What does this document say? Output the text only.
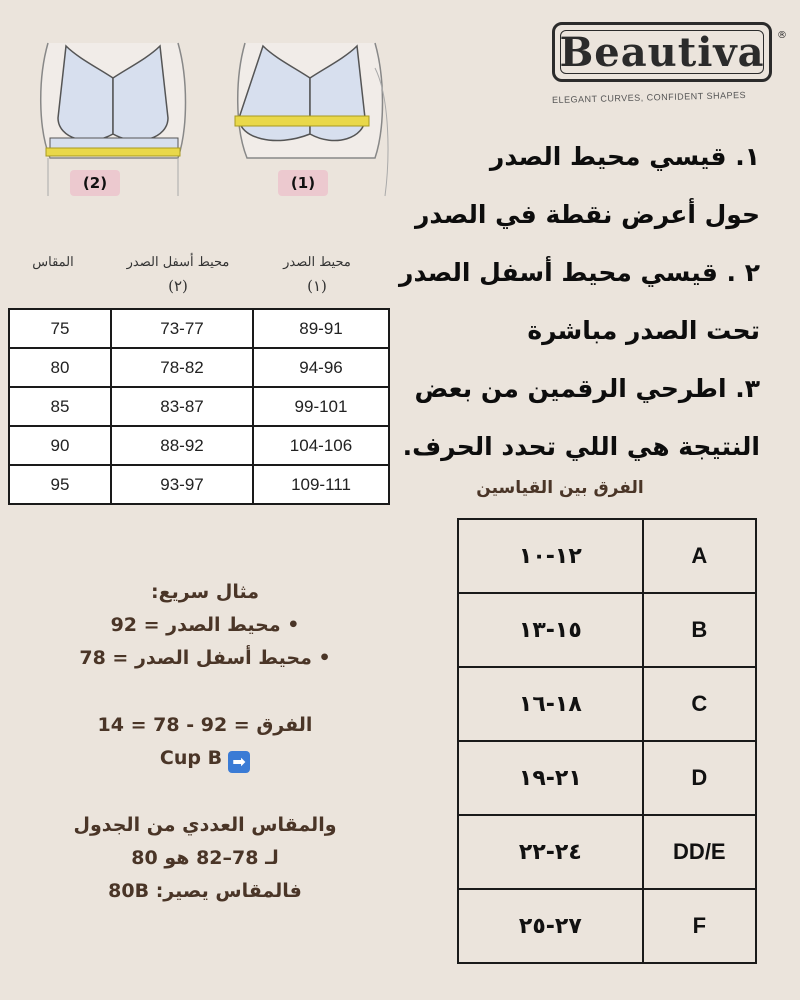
(2)	(1)
Beautiva ®
ELEGANT CURVES, CONFIDENT SHAPES
١. قيسي محيط الصدر
حول أعرض نقطة في الصدر
٢ . قيسي محيط أسفل الصدر
تحت الصدر مباشرة
٣. اطرحي الرقمين من بعض
النتيجة هي اللي تحدد الحرف.
المقاس	محيط أسفل الصدر
(٢)
محيط الصدر
(١)
75	73-77	89-91
80	78-82	94-96
85	83-87	99-101
90	88-92	104-106
95	93-97	109-111
مثال سريع:
• محيط الصدر = 92
• محيط أسفل الصدر = 78
الفرق = 92 - 78 = 14
➡Cup B
والمقاس العددي من الجدول
لـ 78–82 هو 80
فالمقاس يصير: 80B
الفرق بين القياسين
١٢-١٠	A
١٥-١٣	B
١٨-١٦	C
٢١-١٩	D
٢٤-٢٢	DD/E
٢٧-٢٥	F
